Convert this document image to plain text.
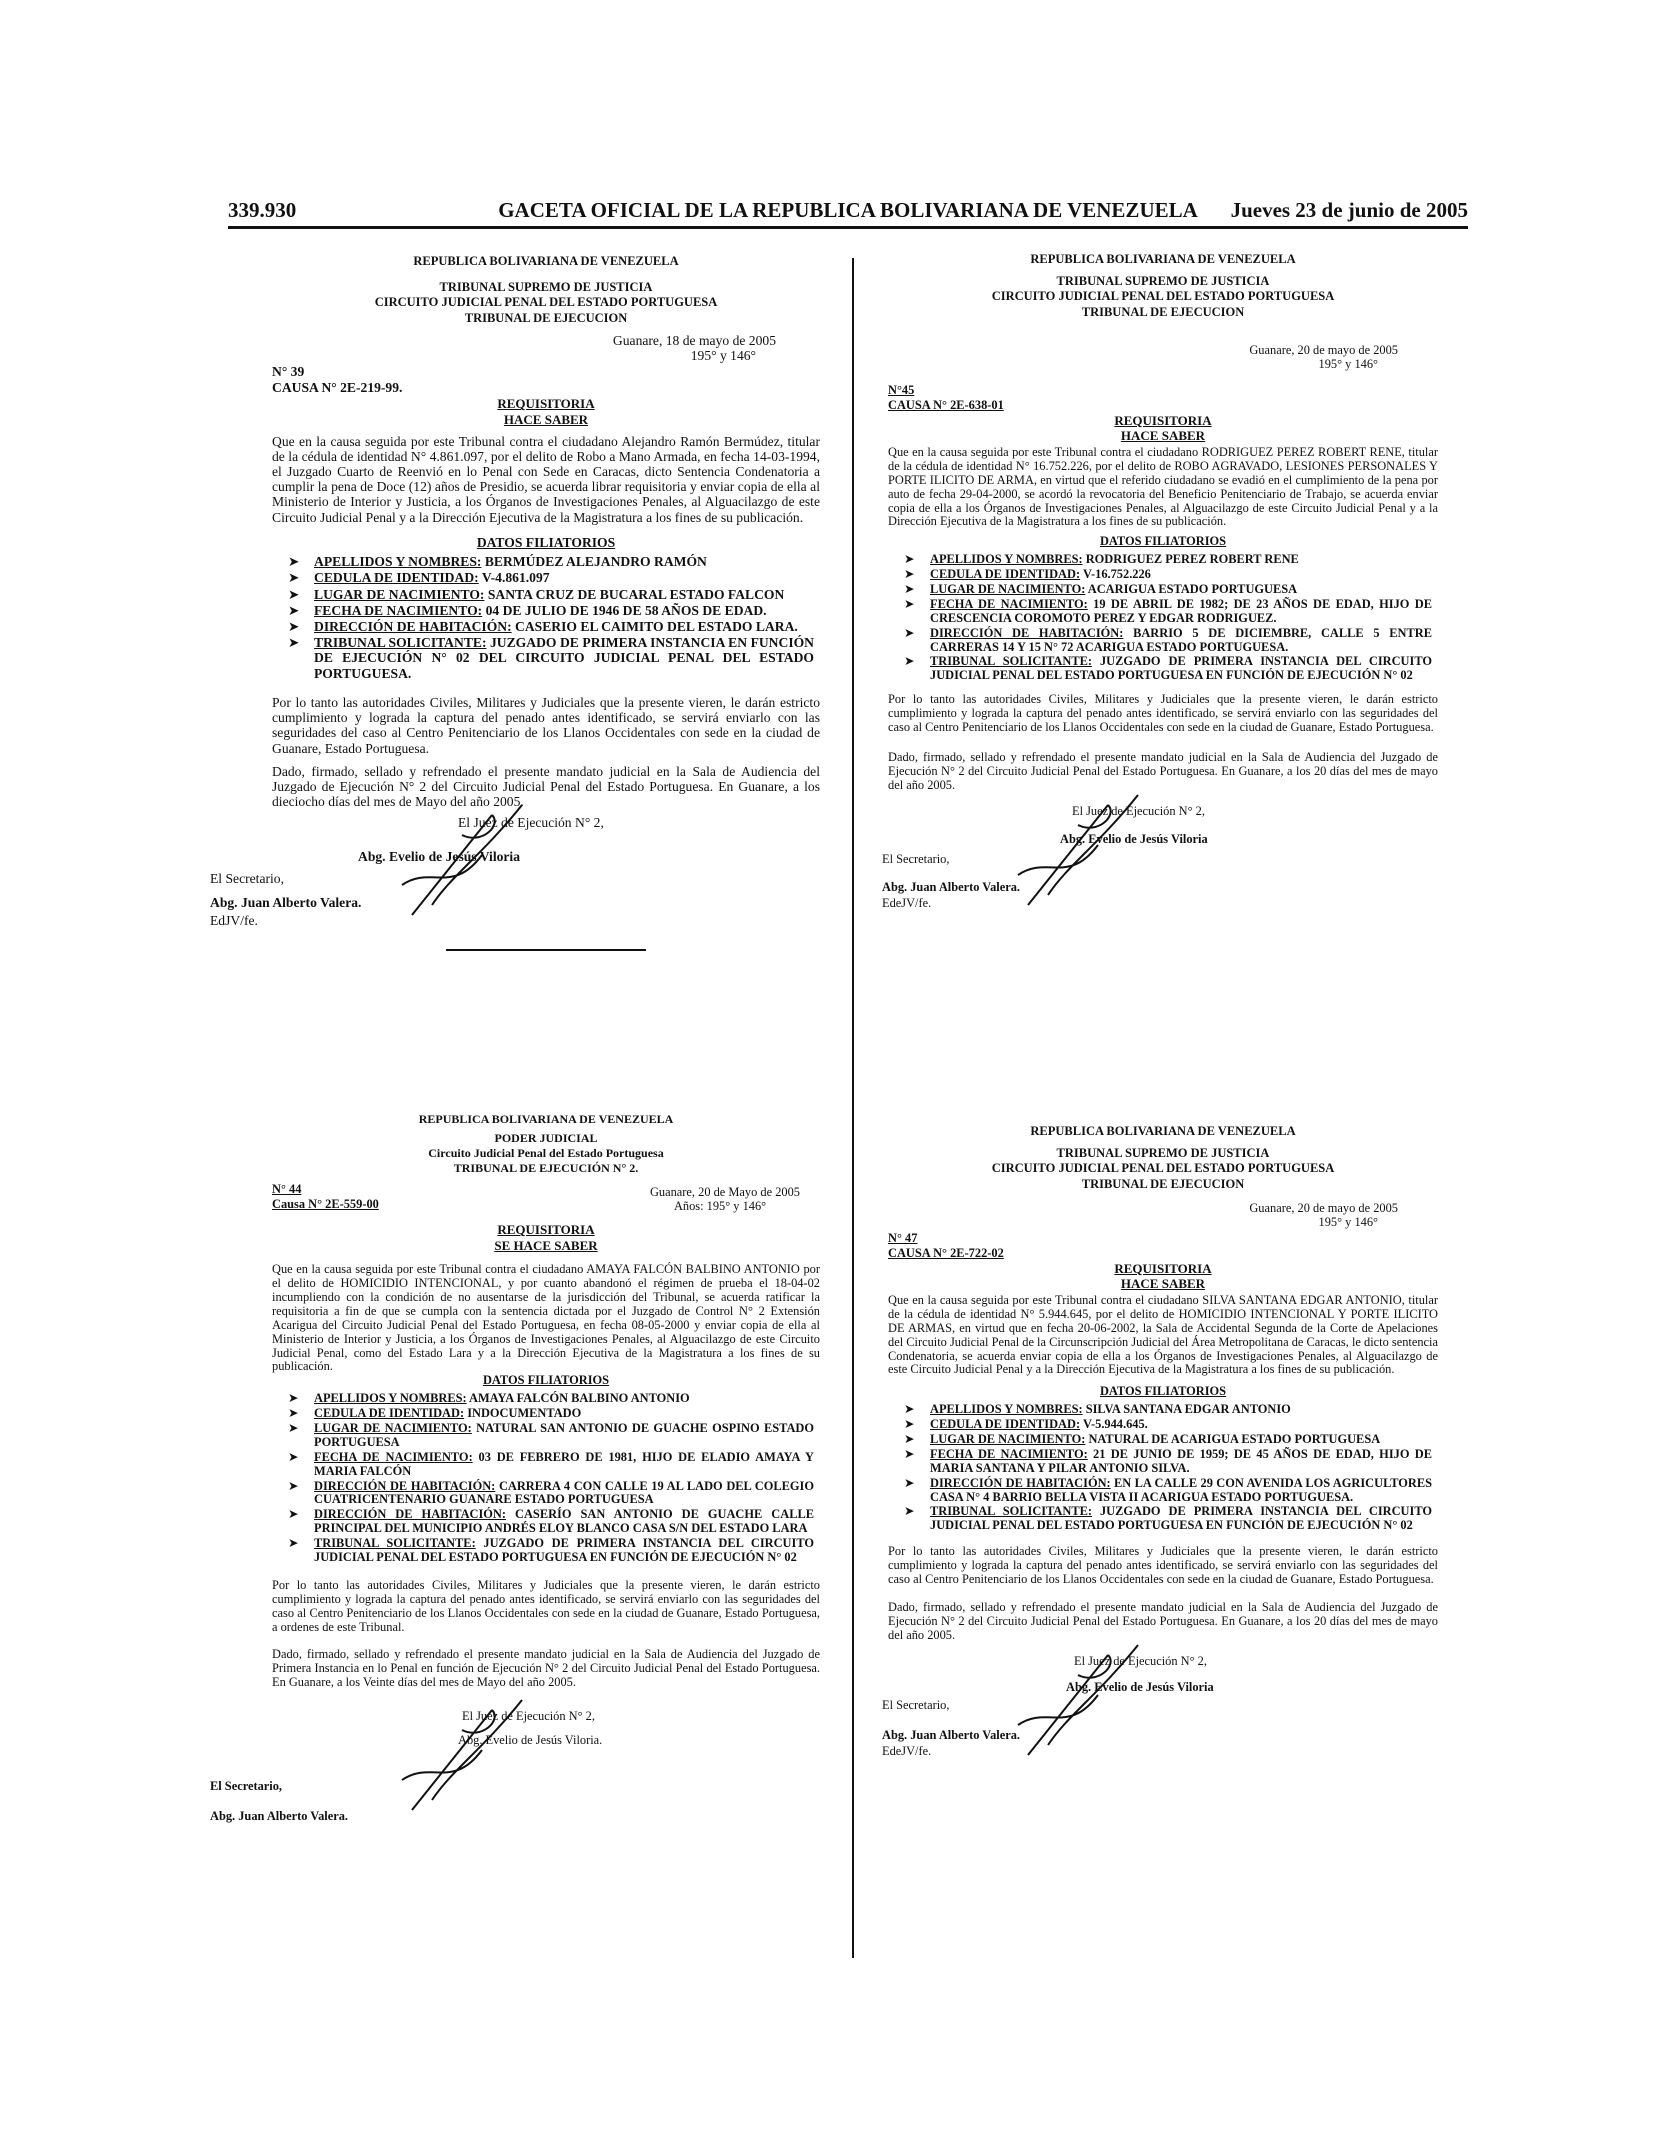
339.930	GACETA OFICIAL DE LA REPUBLICA BOLIVARIANA DE VENEZUELA	Jueves 23 de junio de 2005
REPUBLICA BOLIVARIANA DE VENEZUELA
TRIBUNAL SUPREMO DE JUSTICIA
CIRCUITO JUDICIAL PENAL DEL ESTADO PORTUGUESA
TRIBUNAL DE EJECUCION
Guanare, 18 de mayo de 2005
195° y 146°
N° 39
CAUSA N° 2E-219-99.
REQUISITORIA
HACE SABER

Que en la causa seguida por este Tribunal contra el ciudadano Alejandro Ramón Bermúdez, titular de la cédula de identidad N° 4.861.097, por el delito de Robo a Mano Armada, en fecha 14-03-1994, el Juzgado Cuarto de Reenvió en lo Penal con Sede en Caracas, dicto Sentencia Condenatoria a cumplir la pena de Doce (12) años de Presidio, se acuerda librar requisitoria y enviar copia de ella al Ministerio de Interior y Justicia, a los Órganos de Investigaciones Penales, al Alguacilazgo de este Circuito Judicial Penal y a la Dirección Ejecutiva de la Magistratura a los fines de su publicación.

DATOS FILIATORIOS
➤ APELLIDOS Y NOMBRES: BERMÚDEZ ALEJANDRO RAMÓN
➤ CEDULA DE IDENTIDAD: V-4.861.097
➤ LUGAR DE NACIMIENTO: SANTA CRUZ DE BUCARAL ESTADO FALCON
➤ FECHA DE NACIMIENTO: 04 DE JULIO DE 1946 DE 58 AÑOS DE EDAD.
➤ DIRECCIÓN DE HABITACIÓN: CASERIO EL CAIMITO DEL ESTADO LARA.
➤ TRIBUNAL SOLICITANTE: JUZGADO DE PRIMERA INSTANCIA EN FUNCIÓN DE EJECUCIÓN N° 02 DEL CIRCUITO JUDICIAL PENAL DEL ESTADO PORTUGUESA.

Por lo tanto las autoridades Civiles, Militares y Judiciales que la presente vieren, le darán estricto cumplimiento y lograda la captura del penado antes identificado, se servirá enviarlo con las seguridades del caso al Centro Penitenciario de los Llanos Occidentales con sede en la ciudad de Guanare, Estado Portuguesa.

Dado, firmado, sellado y refrendado el presente mandato judicial en la Sala de Audiencia del Juzgado de Ejecución N° 2 del Circuito Judicial Penal del Estado Portuguesa. En Guanare, a los dieciocho días del mes de Mayo del año 2005.

El Juez de Ejecución N° 2,
Abg. Evelio de Jesús Viloria
El Secretario,
Abg. Juan Alberto Valera.
EdJV/fe.
REPUBLICA BOLIVARIANA DE VENEZUELA
PODER JUDICIAL
Circuito Judicial Penal del Estado Portuguesa
TRIBUNAL DE EJECUCIÓN N° 2.
N° 44
Causa N° 2E-559-00
Guanare, 20 de Mayo de 2005
Años: 195° y 146°
REQUISITORIA
SE HACE SABER

Que en la causa seguida por este Tribunal contra el ciudadano AMAYA FALCÓN BALBINO ANTONIO por el delito de HOMICIDIO INTENCIONAL, y por cuanto abandonó el régimen de prueba el 18-04-02 incumpliendo con la condición de no ausentarse de la jurisdicción del Tribunal, se acuerda ratificar la requisitoria a fin de que se cumpla con la sentencia dictada por el Juzgado de Control N° 2 Extensión Acarigua del Circuito Judicial Penal del Estado Portuguesa, en fecha 08-05-2000 y enviar copia de ella al Ministerio de Interior y Justicia, a los Órganos de Investigaciones Penales, al Alguacilazgo de este Circuito Judicial Penal, como del Estado Lara y a la Dirección Ejecutiva de la Magistratura a los fines de su publicación.

DATOS FILIATORIOS
➤ APELLIDOS Y NOMBRES: AMAYA FALCÓN BALBINO ANTONIO
➤ CEDULA DE IDENTIDAD: INDOCUMENTADO
➤ LUGAR DE NACIMIENTO: NATURAL SAN ANTONIO DE GUACHE OSPINO ESTADO PORTUGUESA
➤ FECHA DE NACIMIENTO: 03 DE FEBRERO DE 1981, HIJO DE ELADIO AMAYA Y MARIA FALCÓN
➤ DIRECCIÓN DE HABITACIÓN: CARRERA 4 CON CALLE 19 AL LADO DEL COLEGIO CUATRICENTENARIO GUANARE ESTADO PORTUGUESA
➤ DIRECCIÓN DE HABITACIÓN: CASERÍO SAN ANTONIO DE GUACHE CALLE PRINCIPAL DEL MUNICIPIO ANDRÉS ELOY BLANCO CASA S/N DEL ESTADO LARA
➤ TRIBUNAL SOLICITANTE: JUZGADO DE PRIMERA INSTANCIA DEL CIRCUITO JUDICIAL PENAL DEL ESTADO PORTUGUESA EN FUNCIÓN DE EJECUCIÓN N° 02

Por lo tanto las autoridades Civiles, Militares y Judiciales que la presente vieren, le darán estricto cumplimiento y lograda la captura del penado antes identificado, se servirá enviarlo con las seguridades del caso al Centro Penitenciario de los Llanos Occidentales con sede en la ciudad de Guanare, Estado Portuguesa, a ordenes de este Tribunal.

Dado, firmado, sellado y refrendado el presente mandato judicial en la Sala de Audiencia del Juzgado de Primera Instancia en lo Penal en función de Ejecución N° 2 del Circuito Judicial Penal del Estado Portuguesa. En Guanare, a los Veinte días del mes de Mayo del año 2005.

El Juez de Ejecución N° 2,
Abg. Evelio de Jesús Viloria.
El Secretario,
Abg. Juan Alberto Valera.
REPUBLICA BOLIVARIANA DE VENEZUELA
TRIBUNAL SUPREMO DE JUSTICIA
CIRCUITO JUDICIAL PENAL DEL ESTADO PORTUGUESA
TRIBUNAL DE EJECUCION
Guanare, 20 de mayo de 2005
195° y 146°
N°45
CAUSA N° 2E-638-01
REQUISITORIA
HACE SABER

Que en la causa seguida por este Tribunal contra el ciudadano RODRIGUEZ PEREZ ROBERT RENE, titular de la cédula de identidad N° 16.752.226, por el delito de ROBO AGRAVADO, LESIONES PERSONALES Y PORTE ILICITO DE ARMA, en virtud que el referido ciudadano se evadió en el cumplimiento de la pena por auto de fecha 29-04-2000, se acordó la revocatoria del Beneficio Penitenciario de Trabajo, se acuerda enviar copia de ella a los Órganos de Investigaciones Penales, al Alguacilazgo de este Circuito Judicial Penal y a la Dirección Ejecutiva de la Magistratura a los fines de su publicación.

DATOS FILIATORIOS
➤ APELLIDOS Y NOMBRES: RODRIGUEZ PEREZ ROBERT RENE
➤ CEDULA DE IDENTIDAD: V-16.752.226
➤ LUGAR DE NACIMIENTO: ACARIGUA ESTADO PORTUGUESA
➤ FECHA DE NACIMIENTO: 19 DE ABRIL DE 1982; DE 23 AÑOS DE EDAD, HIJO DE CRESCENCIA COROMOTO PEREZ Y EDGAR RODRIGUEZ.
➤ DIRECCIÓN DE HABITACIÓN: BARRIO 5 DE DICIEMBRE, CALLE 5 ENTRE CARRERAS 14 Y 15 N° 72 ACARIGUA ESTADO PORTUGUESA.
➤ TRIBUNAL SOLICITANTE: JUZGADO DE PRIMERA INSTANCIA DEL CIRCUITO JUDICIAL PENAL DEL ESTADO PORTUGUESA EN FUNCIÓN DE EJECUCIÓN N° 02

Por lo tanto las autoridades Civiles, Militares y Judiciales que la presente vieren, le darán estricto cumplimiento y lograda la captura del penado antes identificado, se servirá enviarlo con las seguridades del caso al Centro Penitenciario de los Llanos Occidentales con sede en la ciudad de Guanare, Estado Portuguesa.

Dado, firmado, sellado y refrendado el presente mandato judicial en la Sala de Audiencia del Juzgado de Ejecución N° 2 del Circuito Judicial Penal del Estado Portuguesa. En Guanare, a los 20 días del mes de mayo del año 2005.

El Juez de Ejecución N° 2,
Abg. Evelio de Jesús Viloria
El Secretario,
Abg. Juan Alberto Valera.
EdeJV/fe.
REPUBLICA BOLIVARIANA DE VENEZUELA
TRIBUNAL SUPREMO DE JUSTICIA
CIRCUITO JUDICIAL PENAL DEL ESTADO PORTUGUESA
TRIBUNAL DE EJECUCION
Guanare, 20 de mayo de 2005
195° y 146°
N° 47
CAUSA N° 2E-722-02
REQUISITORIA
HACE SABER

Que en la causa seguida por este Tribunal contra el ciudadano SILVA SANTANA EDGAR ANTONIO, titular de la cédula de identidad N° 5.944.645, por el delito de HOMICIDIO INTENCIONAL Y PORTE ILICITO DE ARMAS, en virtud que en fecha 20-06-2002, la Sala de Accidental Segunda de la Corte de Apelaciones del Circuito Judicial Penal de la Circunscripción Judicial del Área Metropolitana de Caracas, le dicto sentencia Condenatoria, se acuerda enviar copia de ella a los Órganos de Investigaciones Penales, al Alguacilazgo de este Circuito Judicial Penal y a la Dirección Ejecutiva de la Magistratura a los fines de su publicación.

DATOS FILIATORIOS
➤ APELLIDOS Y NOMBRES: SILVA SANTANA EDGAR ANTONIO
➤ CEDULA DE IDENTIDAD: V-5.944.645.
➤ LUGAR DE NACIMIENTO: NATURAL DE ACARIGUA ESTADO PORTUGUESA
➤ FECHA DE NACIMIENTO: 21 DE JUNIO DE 1959; DE 45 AÑOS DE EDAD, HIJO DE MARIA SANTANA Y PILAR ANTONIO SILVA.
➤ DIRECCIÓN DE HABITACIÓN: EN LA CALLE 29 CON AVENIDA LOS AGRICULTORES CASA N° 4 BARRIO BELLA VISTA II ACARIGUA ESTADO PORTUGUESA.
➤ TRIBUNAL SOLICITANTE: JUZGADO DE PRIMERA INSTANCIA DEL CIRCUITO JUDICIAL PENAL DEL ESTADO PORTUGUESA EN FUNCIÓN DE EJECUCIÓN N° 02

Por lo tanto las autoridades Civiles, Militares y Judiciales que la presente vieren, le darán estricto cumplimiento y lograda la captura del penado antes identificado, se servirá enviarlo con las seguridades del caso al Centro Penitenciario de los Llanos Occidentales con sede en la ciudad de Guanare, Estado Portuguesa.

Dado, firmado, sellado y refrendado el presente mandato judicial en la Sala de Audiencia del Juzgado de Ejecución N° 2 del Circuito Judicial Penal del Estado Portuguesa. En Guanare, a los 20 días del mes de mayo del año 2005.

El Juez de Ejecución N° 2,
Abg. Evelio de Jesús Viloria
El Secretario,
Abg. Juan Alberto Valera.
EdeJV/fe.
